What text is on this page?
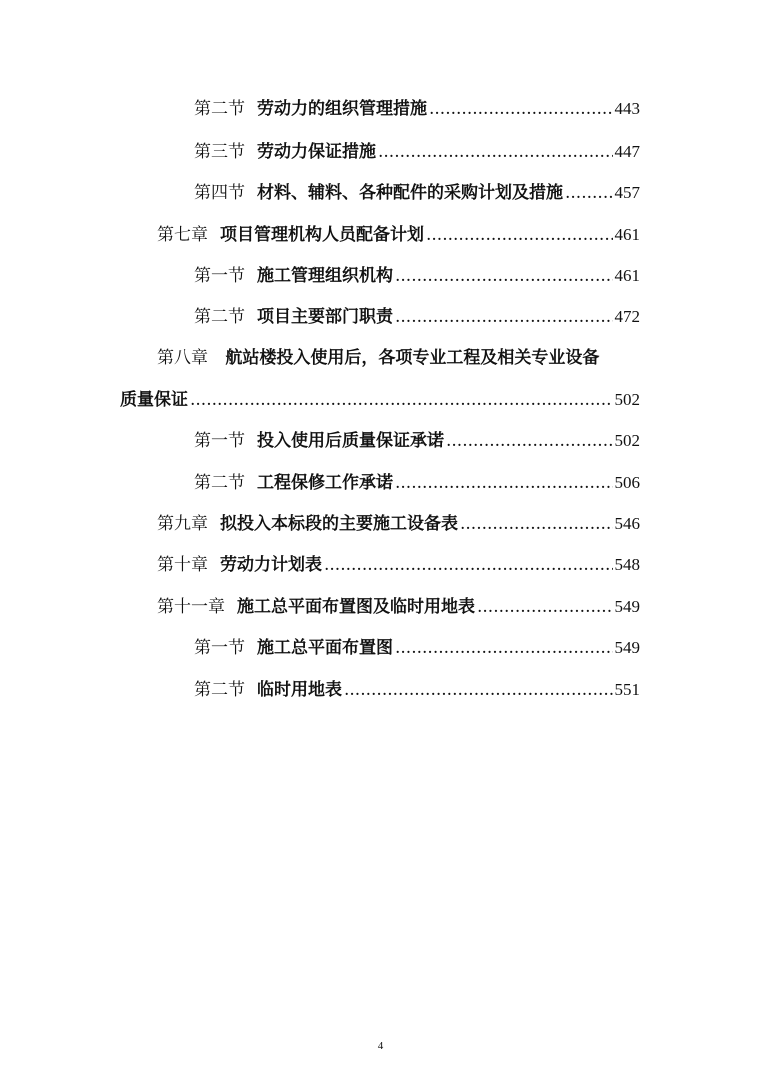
第二节 劳动力的组织管理措施 .....	443
第三节 劳动力保证措施 .....	447
第四节 材料、辅料、各种配件的采购计划及措施 .....	457
第七章 项目管理机构人员配备计划 .....	461
第一节 施工管理组织机构 .....	461
第二节 项目主要部门职责 .....	472
第八章 航站楼投入使用后，各项专业工程及相关专业设备
质量保证 .....	502
第一节 投入使用后质量保证承诺 .....	502
第二节 工程保修工作承诺 .....	506
第九章 拟投入本标段的主要施工设备表 .....	546
第十章 劳动力计划表 .....	548
第十一章 施工总平面布置图及临时用地表 .....	549
第一节 施工总平面布置图 .....	549
第二节 临时用地表 .....	551
4
